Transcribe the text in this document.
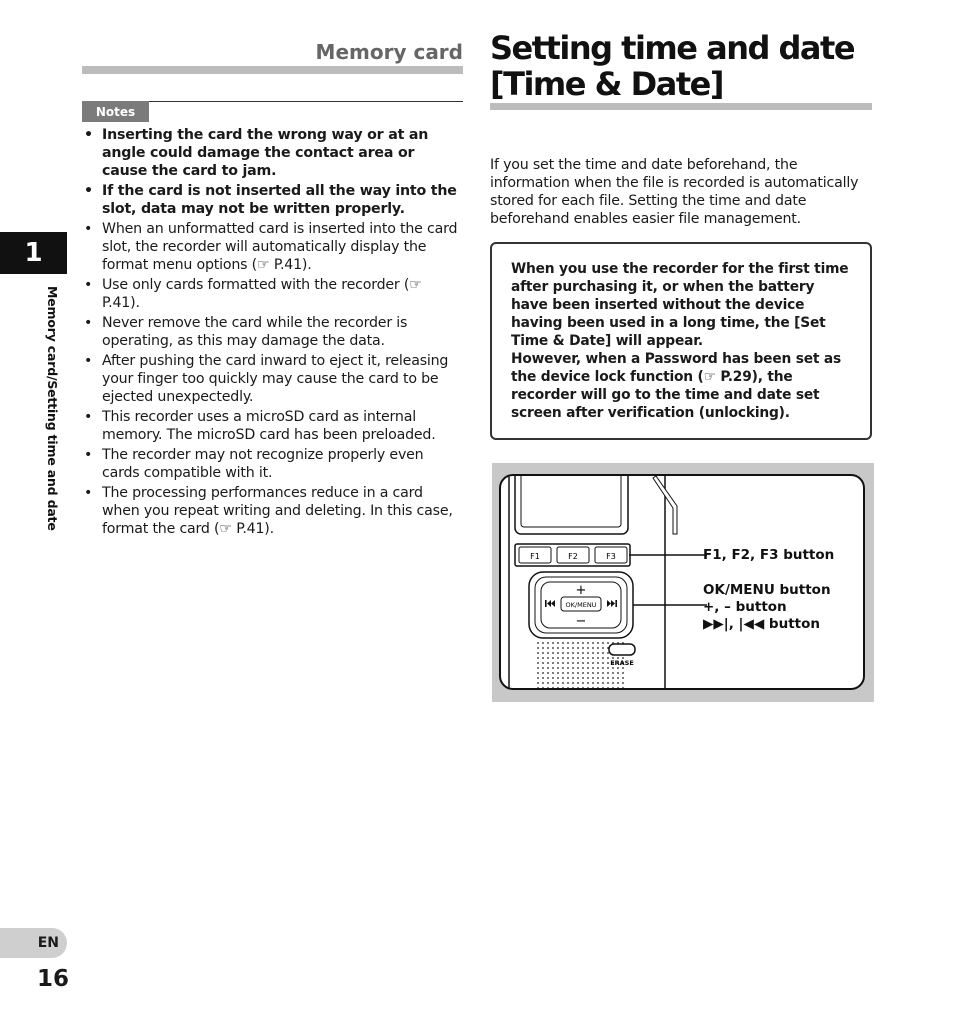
1
Memory card/Setting time and date
EN
16
Memory card
Notes
• Inserting the card the wrong way or at an angle could damage the contact area or cause the card to jam.
• If the card is not inserted all the way into the slot, data may not be written properly.
• When an unformatted card is inserted into the card slot, the recorder will automatically display the format menu options (☞ P.41).
• Use only cards formatted with the recorder (☞ P.41).
• Never remove the card while the recorder is operating, as this may damage the data.
• After pushing the card inward to eject it, releasing your finger too quickly may cause the card to be ejected unexpectedly.
• This recorder uses a microSD card as internal memory. The microSD card has been preloaded.
• The recorder may not recognize properly even cards compatible with it.
• The processing performances reduce in a card when you repeat writing and deleting. In this case, format the card (☞ P.41).
Setting time and date
[Time & Date]
If you set the time and date beforehand, the information when the file is recorded is automatically stored for each file. Setting the time and date beforehand enables easier file management.
When you use the recorder for the first time after purchasing it, or when the battery have been inserted without the device having been used in a long time, the [Set Time & Date] will appear.
However, when a Password has been set as the device lock function (☞ P.29), the recorder will go to the time and date set screen after verification (unlocking).
F1	F2	F3
OK/MENU
+
−
ERASE
F1, F2, F3 button
OK/MENU button
+, – button
▶▶|, |◀◀ button
